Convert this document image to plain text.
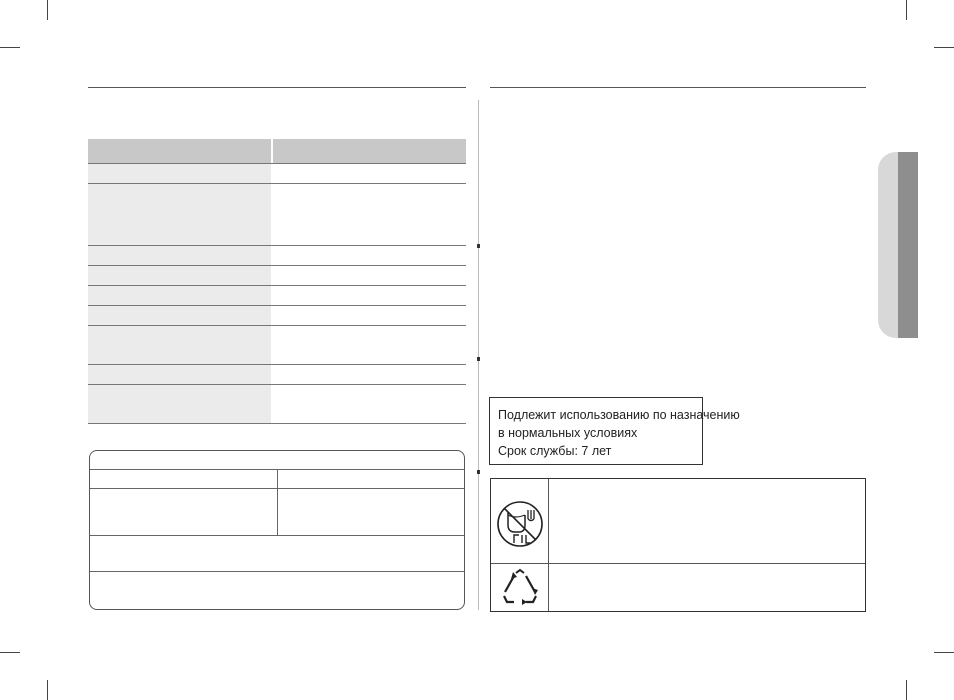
Подлежит использованию по назначению
в нормальных условиях
Срок службы: 7 лет
